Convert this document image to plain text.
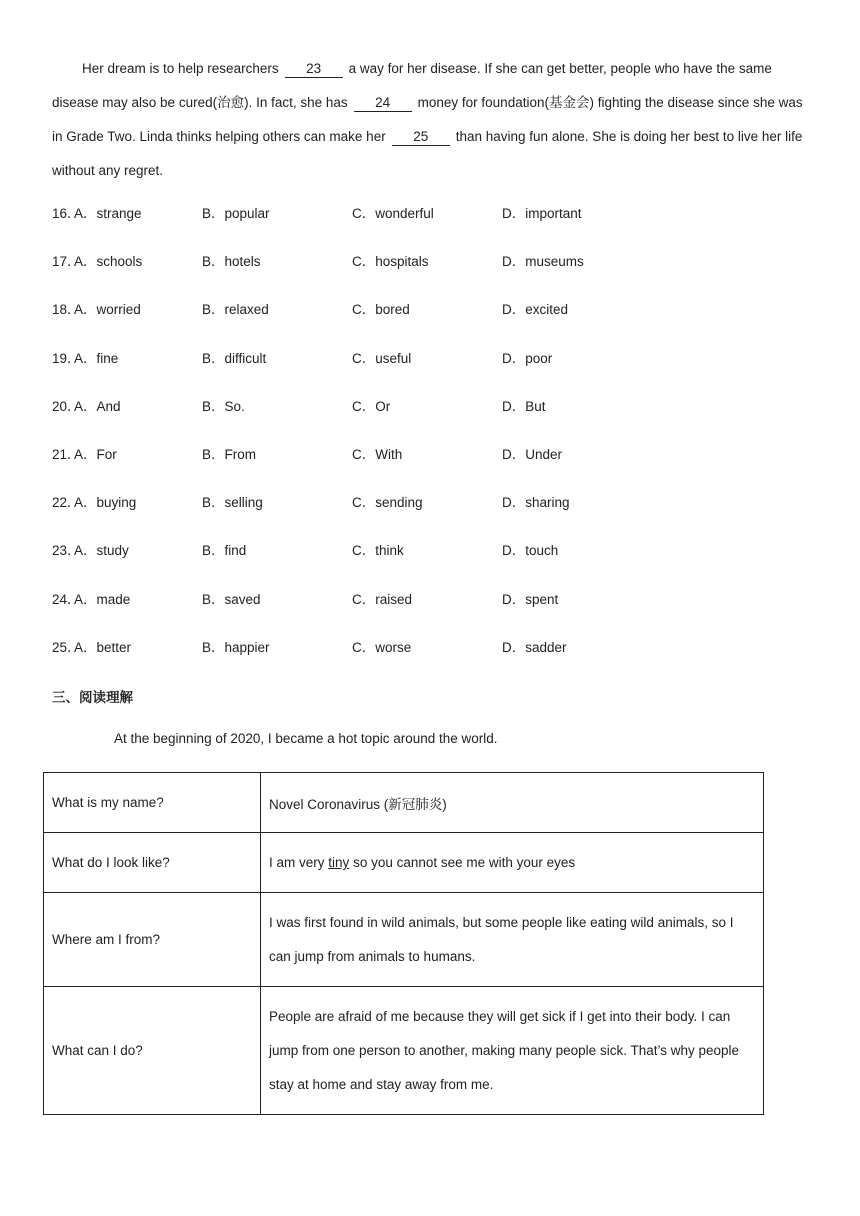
Her dream is to help researchers 23 a way for her disease. If she can get better, people who have the same disease may also be cured(治愈). In fact, she has 24 money for foundation(基金会) fighting the disease since she was in Grade Two. Linda thinks helping others can make her 25 than having fun alone. She is doing her best to live her life without any regret.

16．
A．strange	B．popular	C．wonderful	D．important
17．
A．schools	B．hotels	C．hospitals	D．museums
18．
A．worried	B．relaxed	C．bored	D．excited
19．
A．fine	B．difficult	C．useful	D．poor
20．
A．And	B．So.	C．Or	D．But
21．
A．For	B．From	C．With	D．Under
22．
A．buying	B．selling	C．sending	D．sharing
23．
A．study	B．find	C．think	D．touch
24．
A．made	B．saved	C．raised	D．spent
25．
A．better	B．happier	C．worse	D．sadder
三、阅读理解
At the beginning of 2020, I became a hot topic around the world.
What is my name?	Novel Coronavirus (新冠肺炎)
What do I look like?	I am very tiny so you cannot see me with your eyes
Where am I from?	I was first found in wild animals, but some people like eating wild animals, so I can jump from animals to humans.

What can I do?	People are afraid of me because they will get sick if I get into their body. I can jump from one person to another, making many people sick. That’s why people stay at home and stay away from me.
